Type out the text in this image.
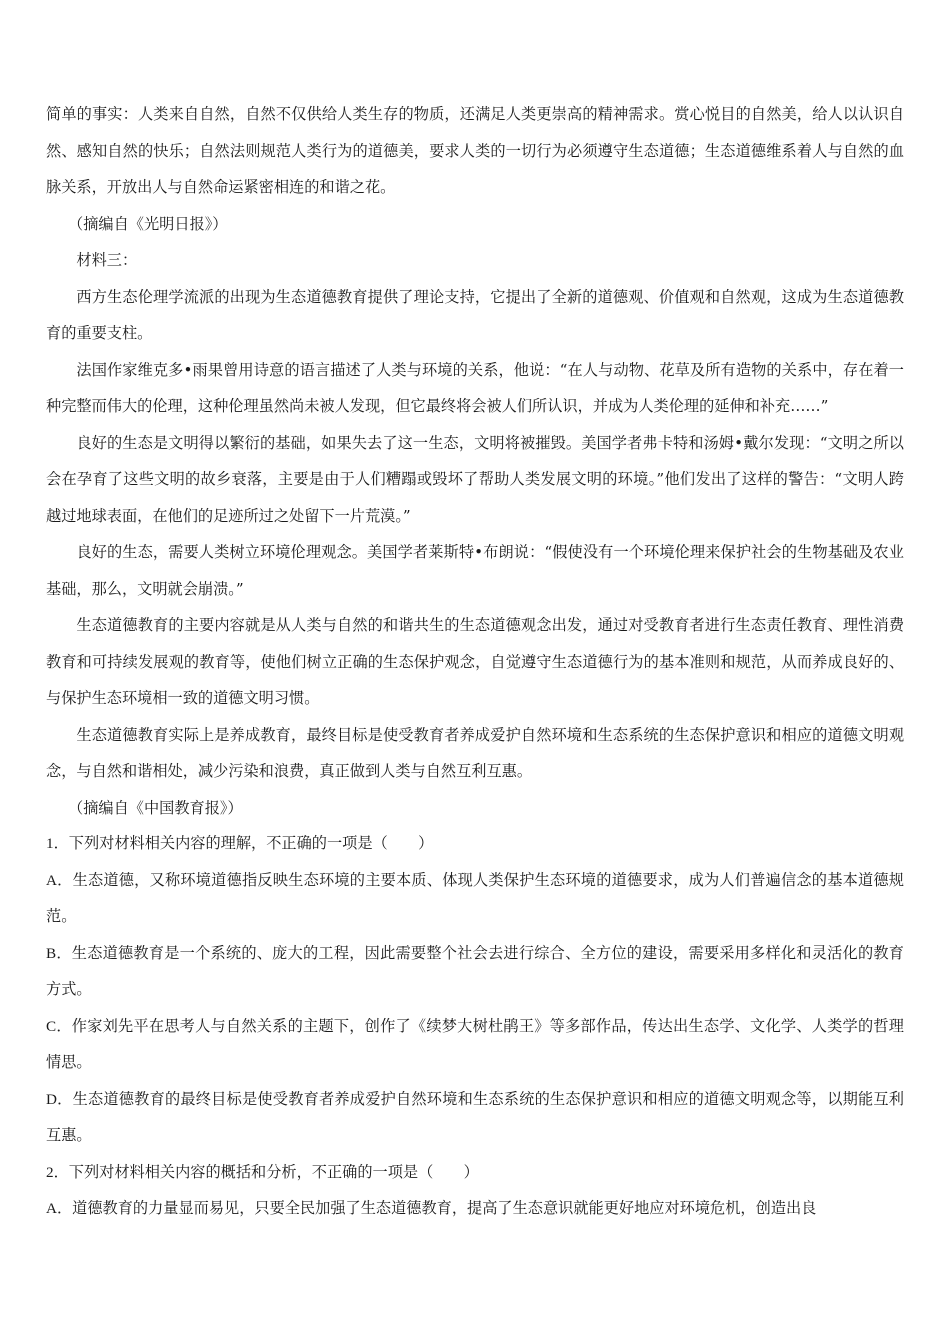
简单的事实：人类来自自然，自然不仅供给人类生存的物质，还满足人类更崇高的精神需求。赏心悦目的自然美，给人以认识自然、感知自然的快乐；自然法则规范人类行为的道德美，要求人类的一切行为必须遵守生态道德；生态道德维系着人与自然的血脉关系，开放出人与自然命运紧密相连的和谐之花。

（摘编自《光明日报》）

材料三：

西方生态伦理学流派的出现为生态道德教育提供了理论支持，它提出了全新的道德观、价值观和自然观，这成为生态道德教育的重要支柱。

法国作家维克多•雨果曾用诗意的语言描述了人类与环境的关系，他说：“在人与动物、花草及所有造物的关系中，存在着一种完整而伟大的伦理，这种伦理虽然尚未被人发现，但它最终将会被人们所认识，并成为人类伦理的延伸和补充……”

良好的生态是文明得以繁衍的基础，如果失去了这一生态，文明将被摧毁。美国学者弗卡特和汤姆•戴尔发现：“文明之所以会在孕育了这些文明的故乡衰落，主要是由于人们糟蹋或毁坏了帮助人类发展文明的环境。”他们发出了这样的警告：“文明人跨越过地球表面，在他们的足迹所过之处留下一片荒漠。”

良好的生态，需要人类树立环境伦理观念。美国学者莱斯特•布朗说：“假使没有一个环境伦理来保护社会的生物基础及农业基础，那么，文明就会崩溃。”

生态道德教育的主要内容就是从人类与自然的和谐共生的生态道德观念出发，通过对受教育者进行生态责任教育、理性消费教育和可持续发展观的教育等，使他们树立正确的生态保护观念，自觉遵守生态道德行为的基本准则和规范，从而养成良好的、与保护生态环境相一致的道德文明习惯。

生态道德教育实际上是养成教育，最终目标是使受教育者养成爱护自然环境和生态系统的生态保护意识和相应的道德文明观念，与自然和谐相处，减少污染和浪费，真正做到人类与自然互利互惠。

（摘编自《中国教育报》）

1．下列对材料相关内容的理解，不正确的一项是（　　）

A．生态道德，又称环境道德指反映生态环境的主要本质、体现人类保护生态环境的道德要求，成为人们普遍信念的基本道德规范。

B．生态道德教育是一个系统的、庞大的工程，因此需要整个社会去进行综合、全方位的建设，需要采用多样化和灵活化的教育方式。

C．作家刘先平在思考人与自然关系的主题下，创作了《续梦大树杜鹃王》等多部作品，传达出生态学、文化学、人类学的哲理情思。

D．生态道德教育的最终目标是使受教育者养成爱护自然环境和生态系统的生态保护意识和相应的道德文明观念等，以期能互利互惠。

2．下列对材料相关内容的概括和分析，不正确的一项是（　　）

A．道德教育的力量显而易见，只要全民加强了生态道德教育，提高了生态意识就能更好地应对环境危机，创造出良
